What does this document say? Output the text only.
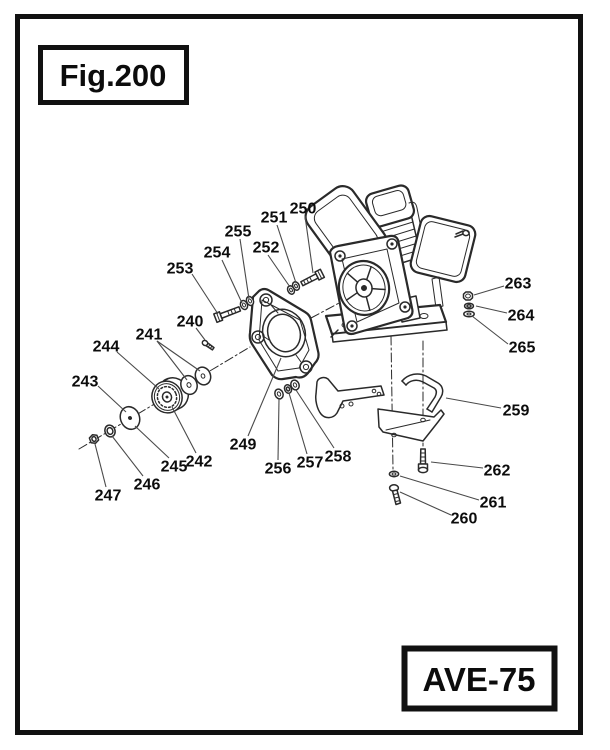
Fig.200
AVE-75
240
241
242
243
244
245
246
247
249
250
251
252
253
254
255
256 257 258
259
260
261
262
263
264
265
